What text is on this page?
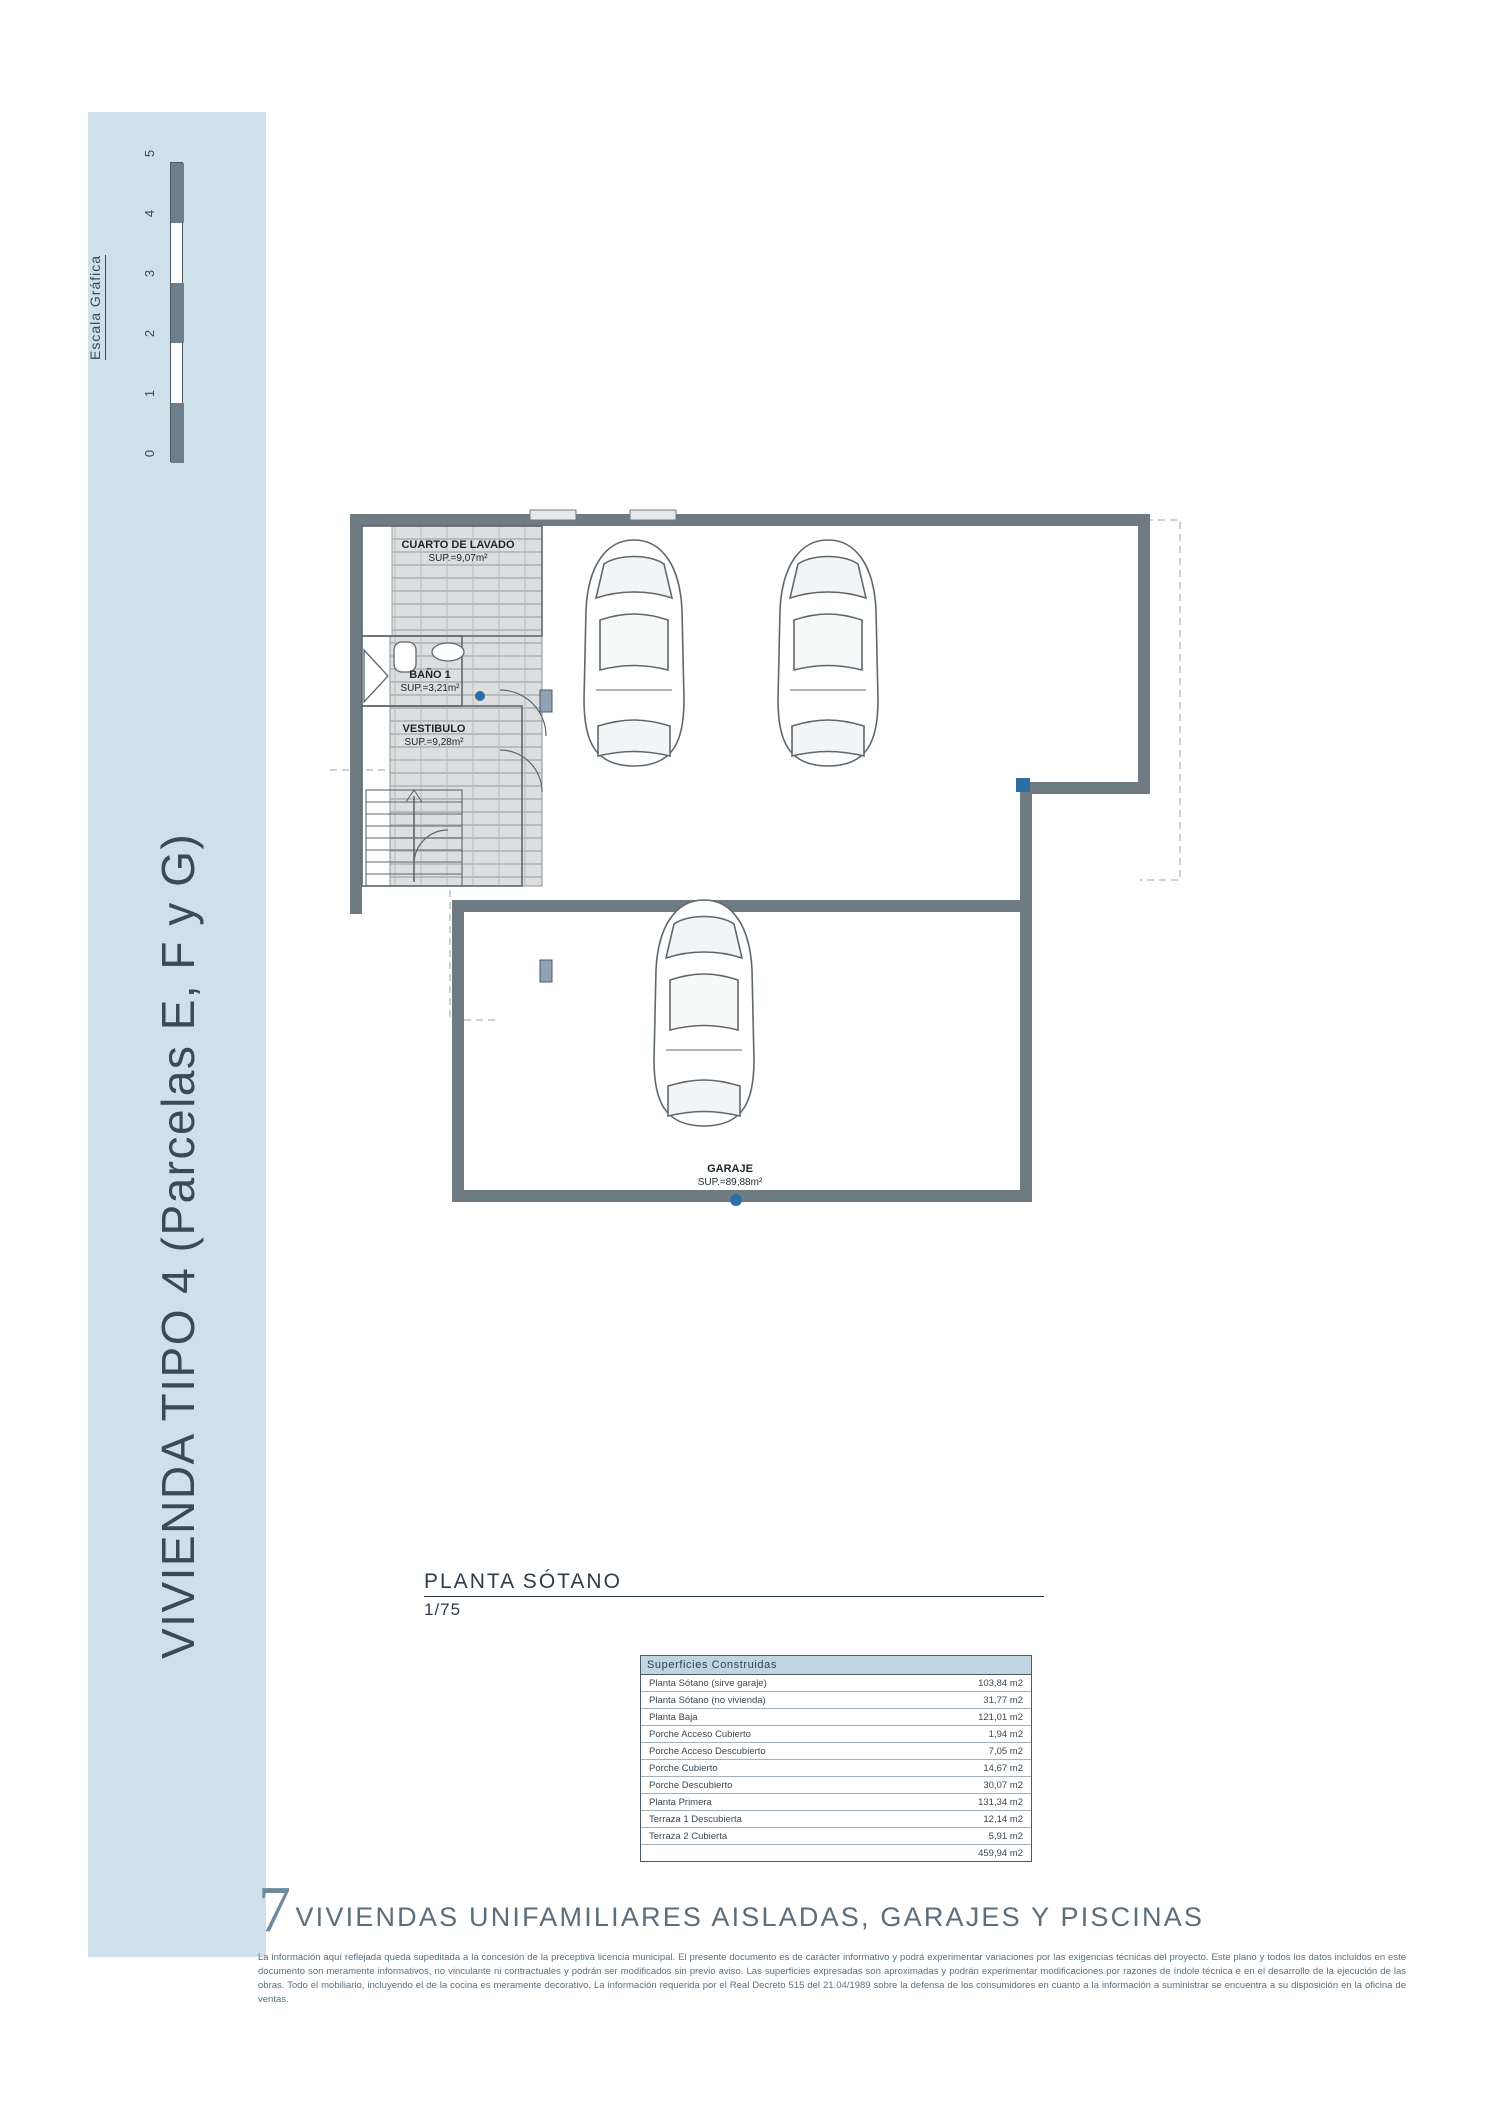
VIVIENDA TIPO 4 (Parcelas E, F y G)
Escala Gráfica
0
1
2
3
4
5
CUARTO DE LAVADO
SUP.=9,07m²
BAÑO 1
SUP.=3,21m²
VESTIBULO
SUP.=9,28m²
GARAJE
SUP.=89,88m²
PLANTA SÓTANO
1/75
Superficies Construidas
Planta Sótano (sirve garaje)	103,84 m2
Planta Sótano (no vivienda)	31,77 m2
Planta Baja	121,01 m2
Porche Acceso Cubierto	1,94 m2
Porche Acceso Descubierto	7,05 m2
Porche Cubierto	14,67 m2
Porche Descubierto	30,07 m2
Planta Primera	131,34 m2
Terraza 1 Descubierta	12,14 m2
Terraza 2 Cubierta	5,91 m2
459,94 m2
7 VIVIENDAS UNIFAMILIARES AISLADAS, GARAJES Y PISCINAS
La información aquí reflejada queda supeditada a la concesión de la preceptiva licencia municipal. El presente documento es de carácter informativo y podrá experimentar variaciones por las exigencias técnicas del proyecto. Este plano y todos los datos incluidos en este documento son meramente informativos, no vinculante ni contractuales y podrán ser modificados sin previo aviso. Las superficies expresadas son aproximadas y podrán experimentar modificaciones por razones de índole técnica e en el desarrollo de la ejecución de las obras. Todo el mobiliario, incluyendo el de la cocina es meramente decorativo. La información requerida por el Real Decreto 515 del 21.04/1989 sobre la defensa de los consumidores en cuanto a la información a suministrar se encuentra a su disposición en la oficina de ventas.
